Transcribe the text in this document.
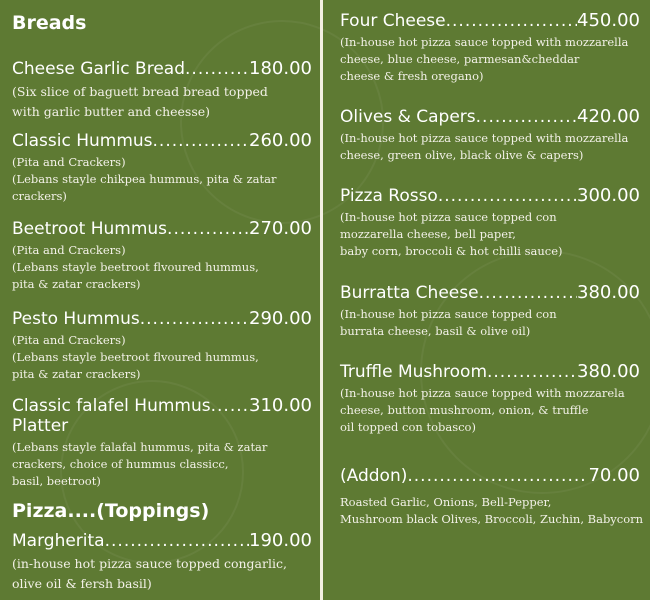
Breads
Cheese Garlic Bread .....	180.00
(Six slice of baguett bread bread topped
with garlic butter and cheesse)
Classic Hummus .....	260.00
(Pita and Crackers)
(Lebans stayle chikpea hummus, pita & zatar
crackers)
Beetroot Hummus .....	270.00
(Pita and Crackers)
(Lebans stayle beetroot flvoured hummus,
pita & zatar crackers)
Pesto Hummus .....	290.00
(Pita and Crackers)
(Lebans stayle beetroot flvoured hummus,
pita & zatar crackers)
Classic falafel Hummus ..... 310.00
Platter
(Lebans stayle falafal hummus, pita & zatar
crackers, choice of hummus classicc,
basil, beetroot)
Pizza....(Toppings)
Margherita .....	190.00
(in-house hot pizza sauce topped congarlic,
olive oil & fersh basil)
Four Cheese .....	450.00
(In-house hot pizza sauce topped with mozzarella
cheese, blue cheese, parmesan&cheddar
cheese & fresh oregano)
Olives & Capers .....	420.00
(In-house hot pizza sauce topped with mozzarella
cheese, green olive, black olive & capers)
Pizza Rosso .....	300.00
(In-house hot pizza sauce topped con
mozzarella cheese, bell paper,
baby corn, broccoli & hot chilli sauce)
Burratta Cheese .....	380.00
(In-house hot pizza sauce topped con
burrata cheese, basil & olive oil)
Truffle Mushroom .....	380.00
(In-house hot pizza sauce topped with mozzarela
cheese, button mushroom, onion, & truffle
oil topped con tobasco)
(Addon) .....	70.00
Roasted Garlic, Onions, Bell-Pepper,
Mushroom black Olives, Broccoli, Zuchin, Babycorn
